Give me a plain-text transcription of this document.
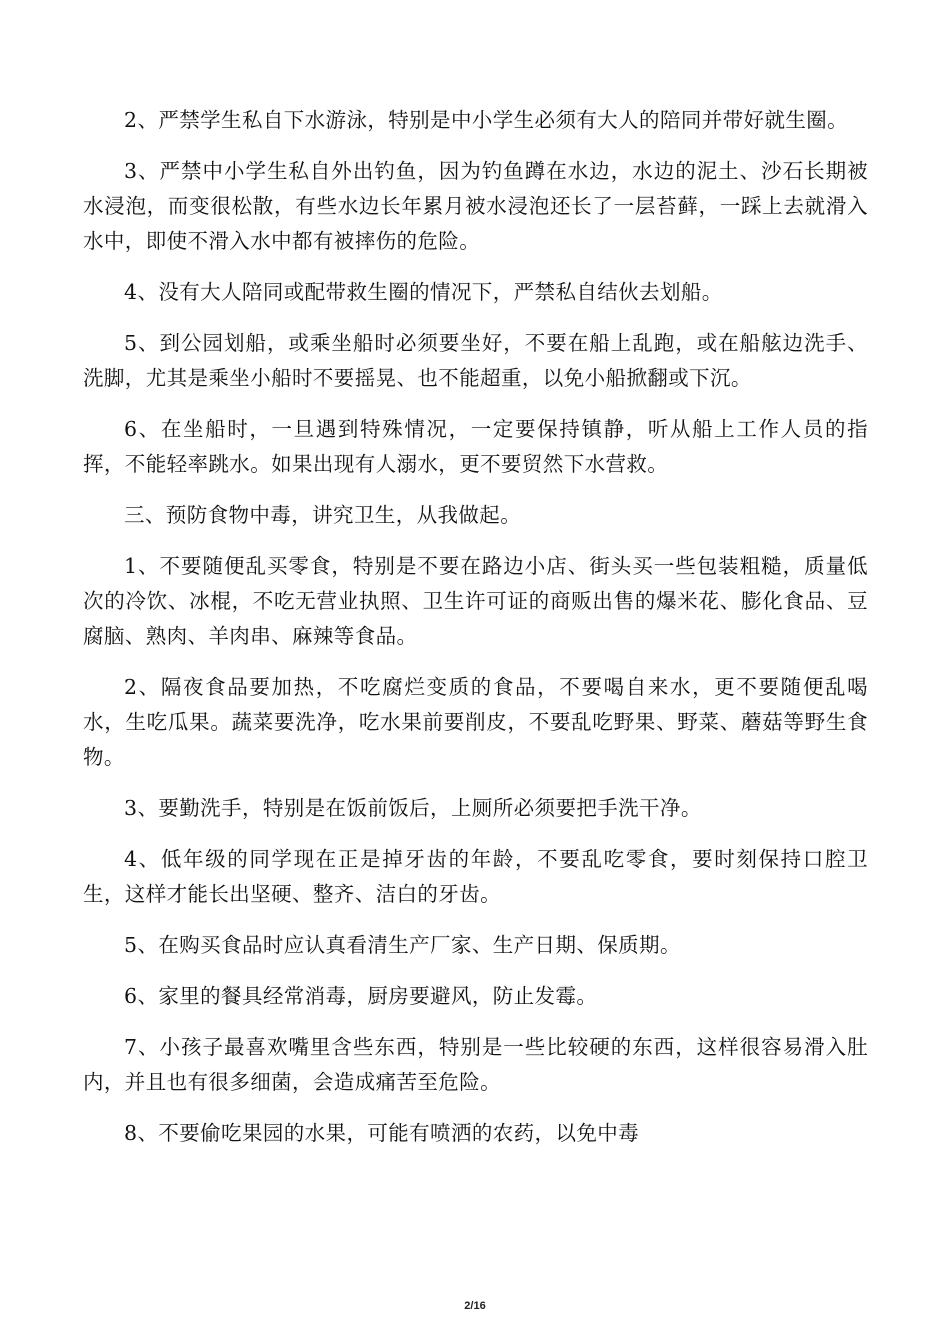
2、严禁学生私自下水游泳，特别是中小学生必须有大人的陪同并带好就生圈。

3、严禁中小学生私自外出钓鱼，因为钓鱼蹲在水边，水边的泥土、沙石长期被水浸泡，而变很松散，有些水边长年累月被水浸泡还长了一层苔藓，一踩上去就滑入水中，即使不滑入水中都有被摔伤的危险。

4、没有大人陪同或配带救生圈的情况下，严禁私自结伙去划船。

5、到公园划船，或乘坐船时必须要坐好，不要在船上乱跑，或在船舷边洗手、洗脚，尤其是乘坐小船时不要摇晃、也不能超重，以免小船掀翻或下沉。

6、在坐船时，一旦遇到特殊情况，一定要保持镇静，听从船上工作人员的指挥，不能轻率跳水。如果出现有人溺水，更不要贸然下水营救。

三、预防食物中毒，讲究卫生，从我做起。

1、不要随便乱买零食，特别是不要在路边小店、街头买一些包装粗糙，质量低次的冷饮、冰棍，不吃无营业执照、卫生许可证的商贩出售的爆米花、膨化食品、豆腐脑、熟肉、羊肉串、麻辣等食品。

2、隔夜食品要加热，不吃腐烂变质的食品，不要喝自来水，更不要随便乱喝水，生吃瓜果。蔬菜要洗净，吃水果前要削皮，不要乱吃野果、野菜、蘑菇等野生食物。

3、要勤洗手，特别是在饭前饭后，上厕所必须要把手洗干净。

4、低年级的同学现在正是掉牙齿的年龄，不要乱吃零食，要时刻保持口腔卫生，这样才能长出坚硬、整齐、洁白的牙齿。

5、在购买食品时应认真看清生产厂家、生产日期、保质期。

6、家里的餐具经常消毒，厨房要避风，防止发霉。

7、小孩子最喜欢嘴里含些东西，特别是一些比较硬的东西，这样很容易滑入肚内，并且也有很多细菌，会造成痛苦至危险。

8、不要偷吃果园的水果，可能有喷洒的农药，以免中毒

2/16
